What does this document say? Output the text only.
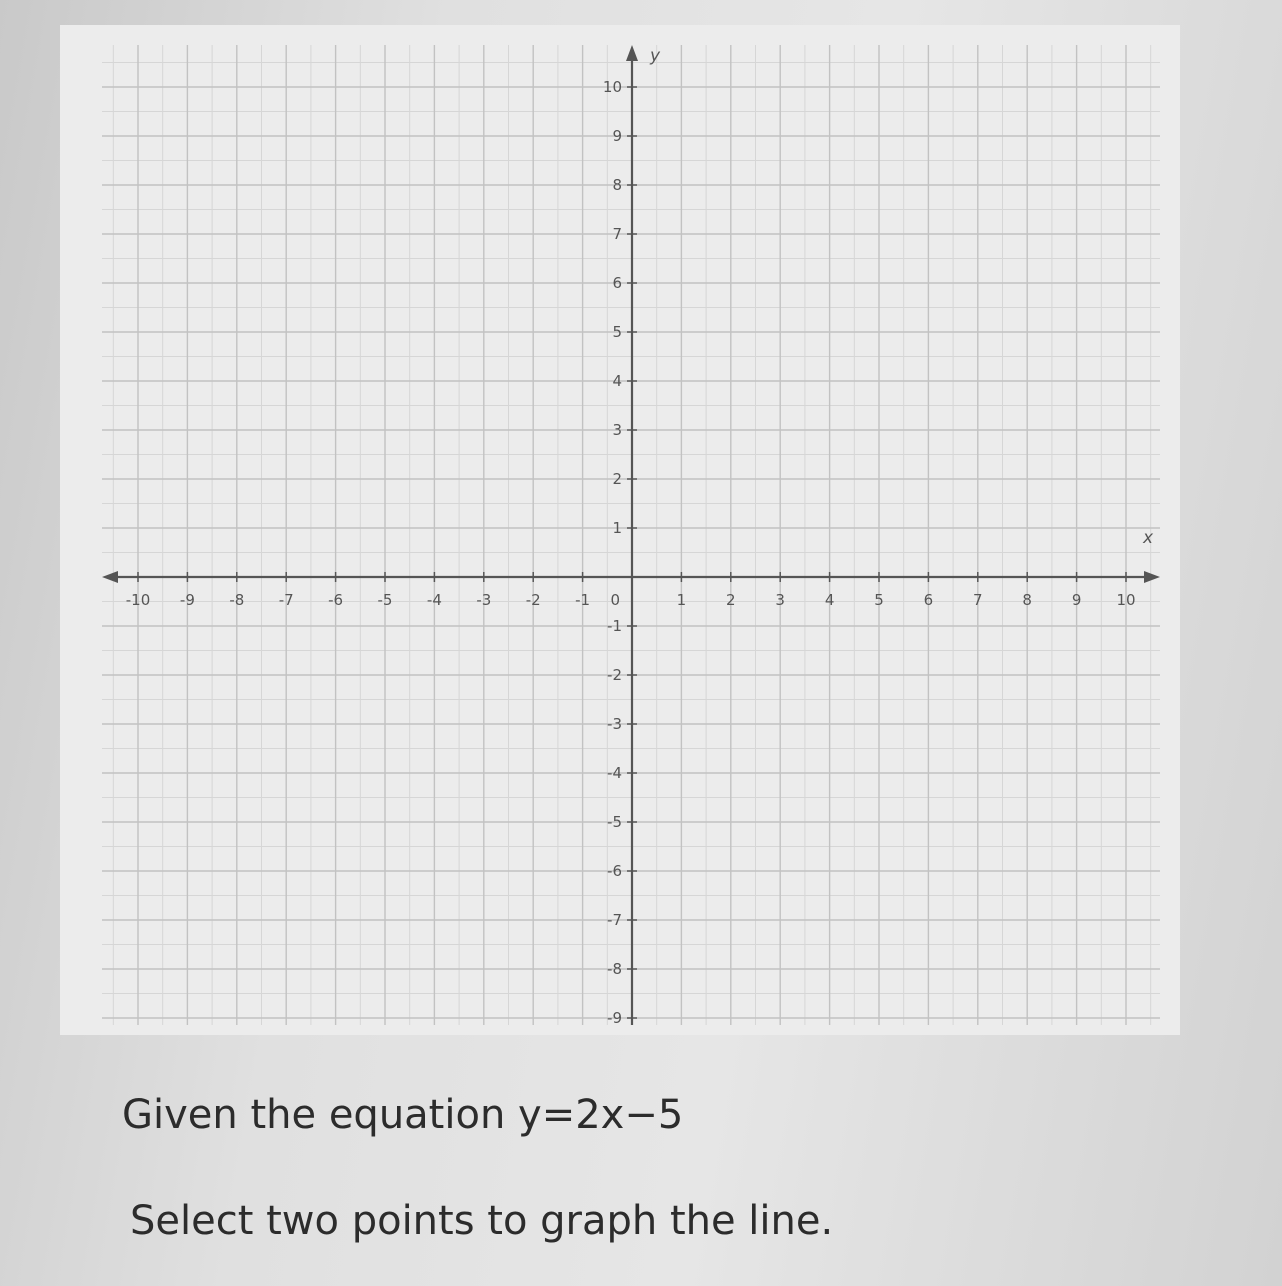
-10 -9 -8 -7 -6 -5 -4 -3 -2 -1	1	2	3	4	5	6	7	8	9 10
10
9
8
7
6
5
4
3
2
1
-1
-2
-3
-4
-5
-6
-7
-8
-9
x
y
0

Given the equation y=2x−5

Select two points to graph the line.
